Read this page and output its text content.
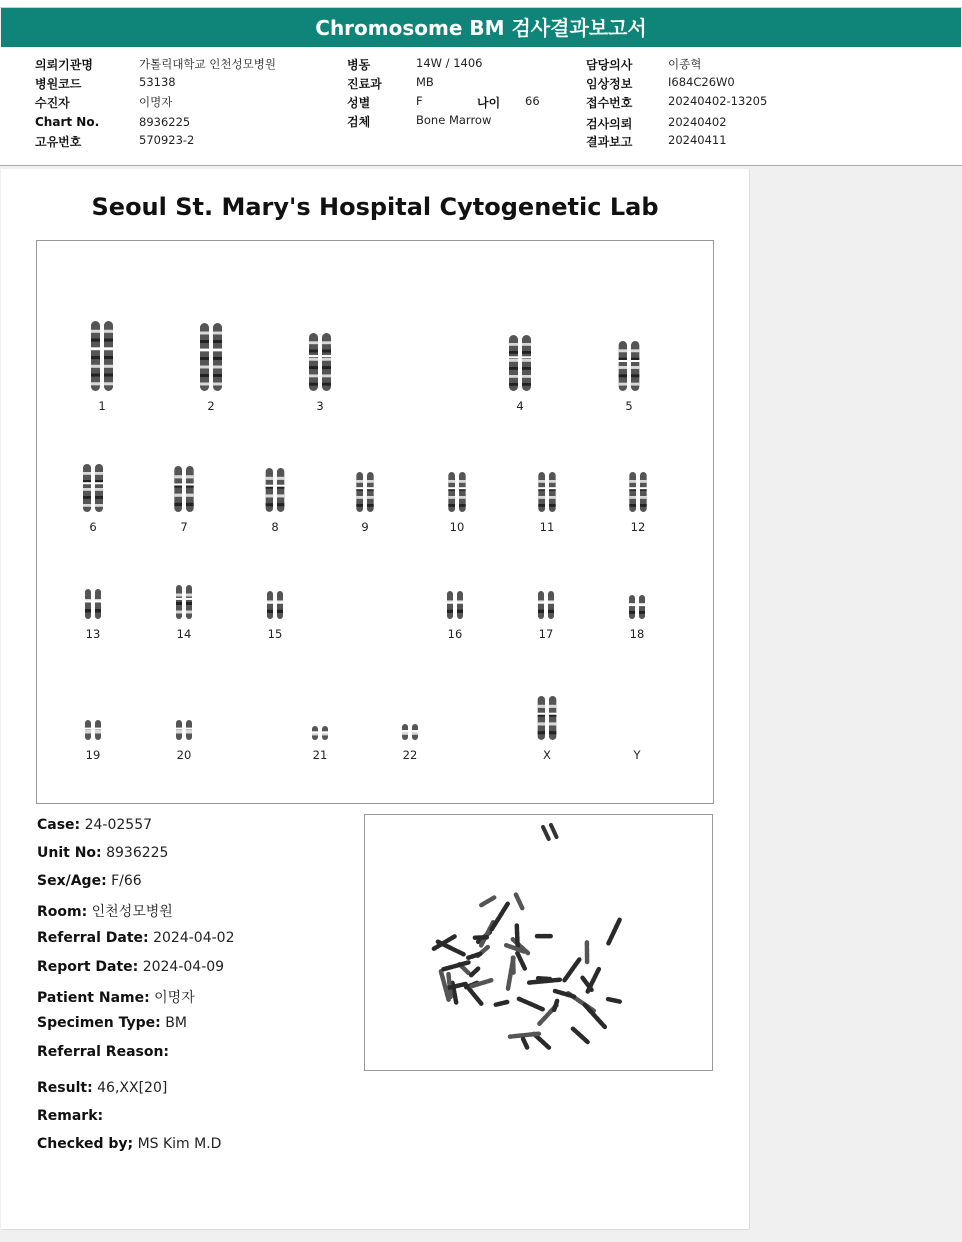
Chromosome BM 검사결과보고서
의뢰기관명	가톨릭대학교 인천성모병원
병원코드	53138
수진자	이명자
Chart No.	8936225
고유번호	570923-2
병동	14W / 1406
진료과	MB
성별	F	나이 66
검체	Bone Marrow
담당의사	이종혁
임상정보	I684C26W0
접수번호	20240402-13205
검사의뢰	20240402
결과보고	20240411
Seoul St. Mary's Hospital Cytogenetic Lab
1	2	3	4	5
6	7	8	9	10	11	12
13	14	15	16	17	18
19	20	21	22	X	Y
Case: 24-02557
Unit No: 8936225
Sex/Age: F/66
Room: 인천성모병원
Referral Date: 2024-04-02
Report Date: 2024-04-09
Patient Name: 이명자
Specimen Type: BM
Referral Reason:
Result: 46,XX[20]
Remark:
Checked by; MS Kim M.D
